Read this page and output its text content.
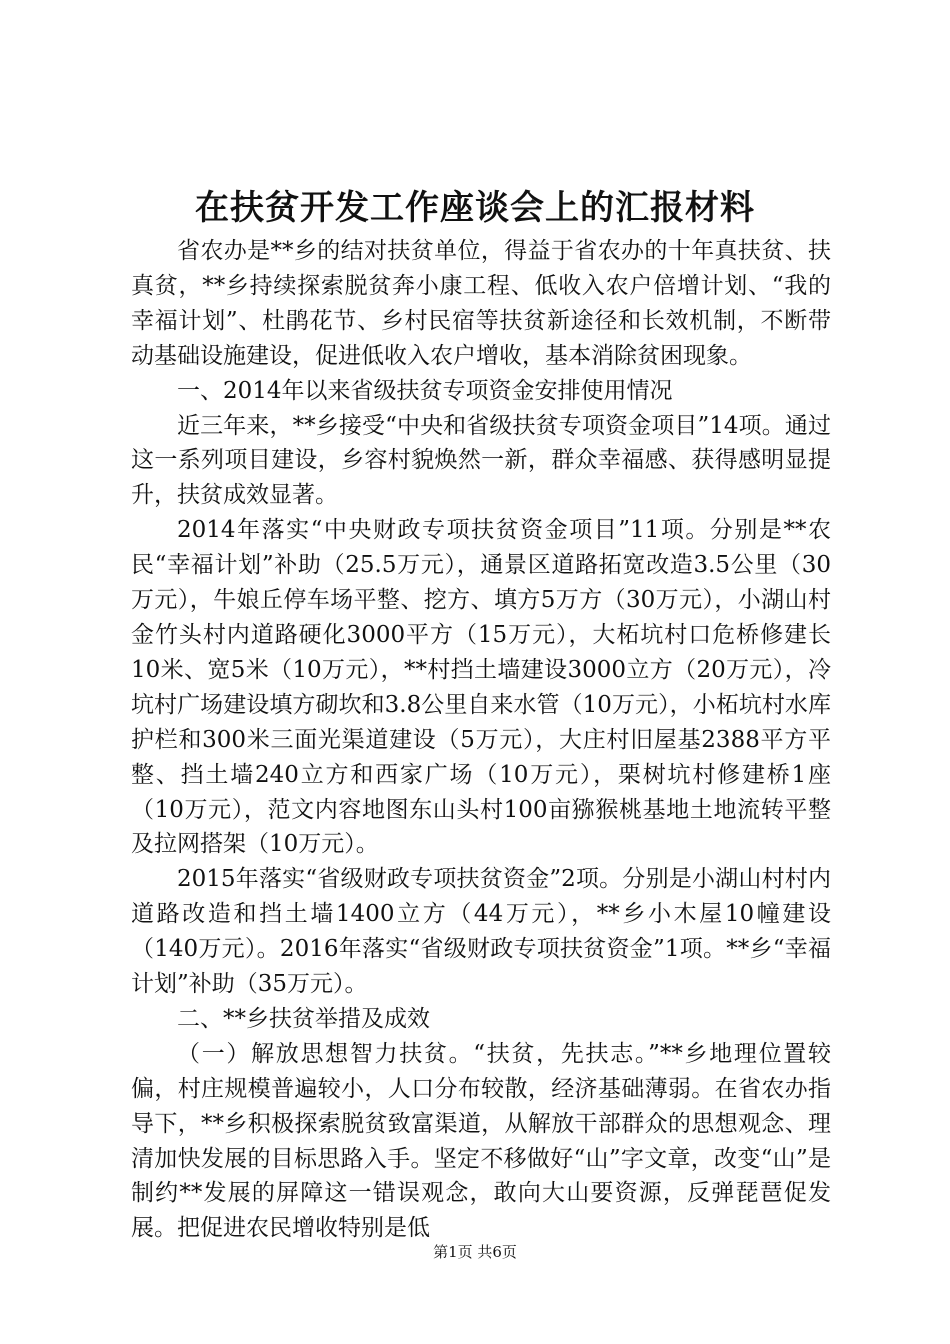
在扶贫开发工作座谈会上的汇报材料

省农办是**乡的结对扶贫单位，得益于省农办的十年真扶贫、扶真贫，**乡持续探索脱贫奔小康工程、低收入农户倍增计划、“我的幸福计划”、杜鹃花节、乡村民宿等扶贫新途径和长效机制，不断带动基础设施建设，促进低收入农户增收，基本消除贫困现象。

一、2014年以来省级扶贫专项资金安排使用情况

近三年来，**乡接受“中央和省级扶贫专项资金项目”14项。通过这一系列项目建设，乡容村貌焕然一新，群众幸福感、获得感明显提升，扶贫成效显著。

2014年落实“中央财政专项扶贫资金项目”11项。分别是**农民“幸福计划”补助（25.5万元），通景区道路拓宽改造3.5公里（30万元），牛娘丘停车场平整、挖方、填方5万方（30万元），小湖山村金竹头村内道路硬化3000平方（15万元），大柘坑村口危桥修建长10米、宽5米（10万元），**村挡土墙建设3000立方（20万元），冷坑村广场建设填方砌坎和3.8公里自来水管（10万元），小柘坑村水库护栏和300米三面光渠道建设（5万元），大庄村旧屋基2388平方平整、挡土墙240立方和西家广场（10万元），栗树坑村修建桥1座（10万元），范文内容地图东山头村100亩猕猴桃基地土地流转平整及拉网搭架（10万元）。

2015年落实“省级财政专项扶贫资金”2项。分别是小湖山村村内道路改造和挡土墙1400立方（44万元），**乡小木屋10幢建设（140万元）。2016年落实“省级财政专项扶贫资金”1项。**乡“幸福计划”补助（35万元）。

二、**乡扶贫举措及成效

（一）解放思想智力扶贫。“扶贫，先扶志。”**乡地理位置较偏，村庄规模普遍较小，人口分布较散，经济基础薄弱。在省农办指导下，**乡积极探索脱贫致富渠道，从解放干部群众的思想观念、理清加快发展的目标思路入手。坚定不移做好“山”字文章，改变“山”是制约**发展的屏障这一错误观念，敢向大山要资源，反弹琵琶促发展。把促进农民增收特别是低

第1页 共6页
